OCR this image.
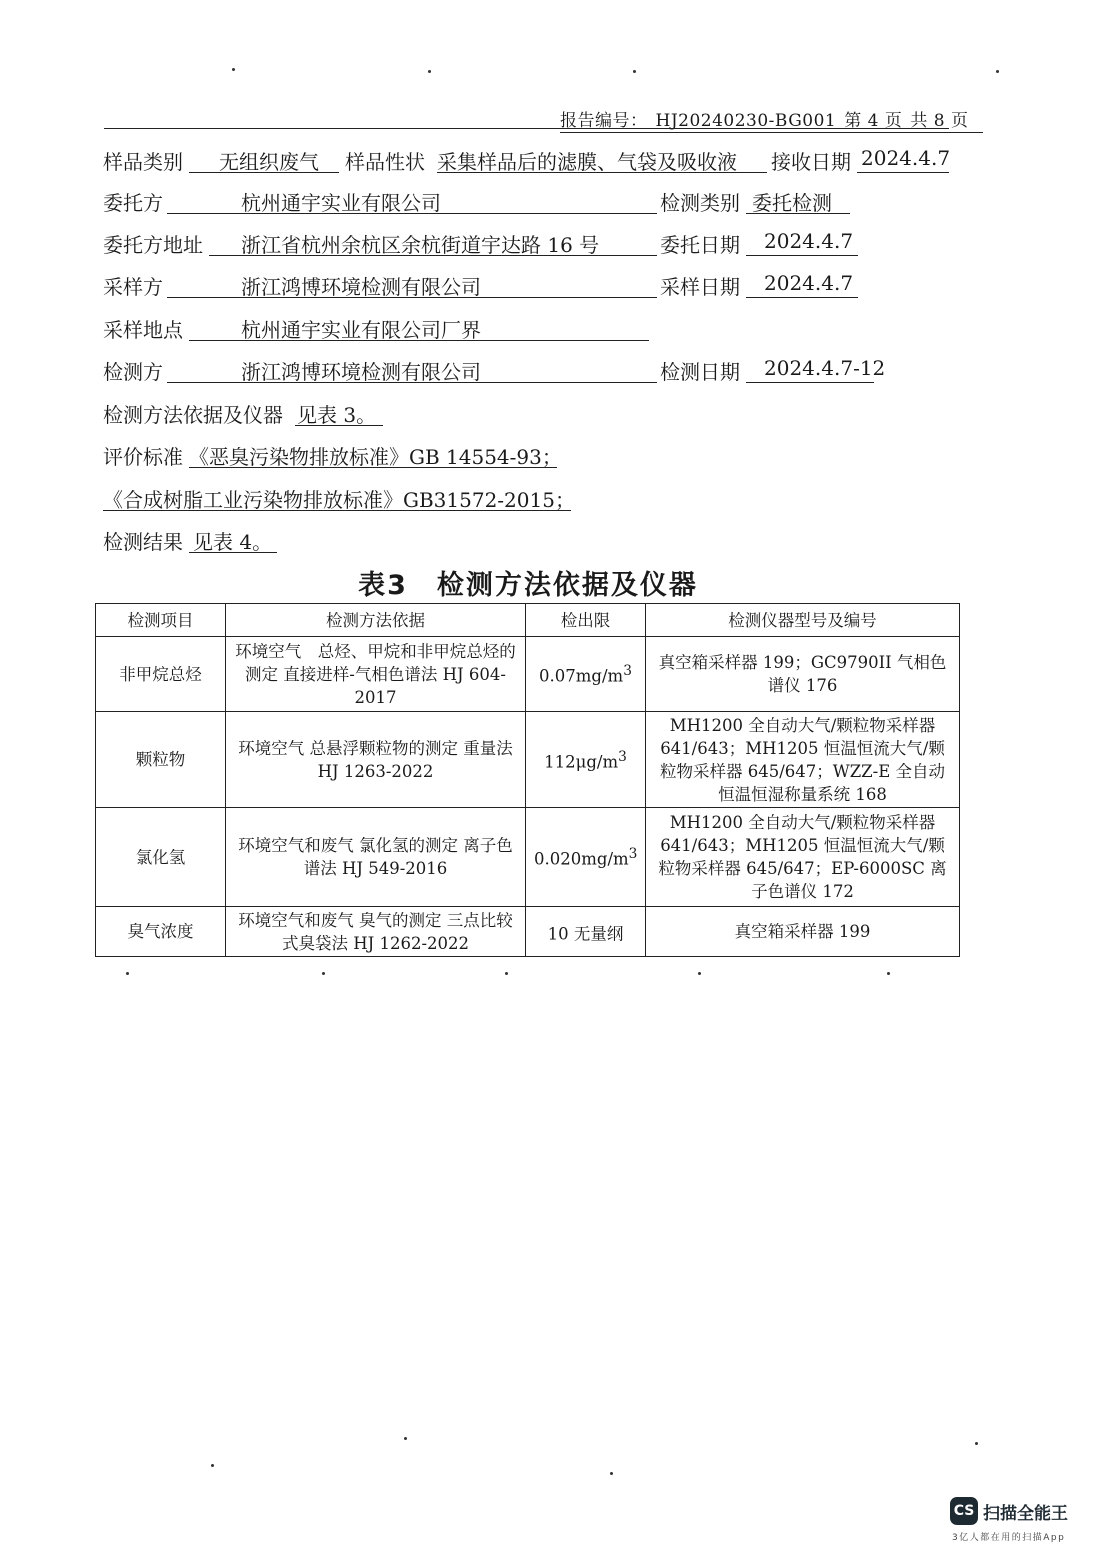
报告编号： HJ20240230-BG001 第 4 页 共 8 页
样品类别 无组织废气 样品性状 采集样品后的滤膜、气袋及吸收液 接收日期 2024.4.7
委托方	杭州通宇实业有限公司	检测类别 委托检测
委托方地址 浙江省杭州余杭区余杭街道宇达路 16 号	委托日期 2024.4.7
采样方	浙江鸿博环境检测有限公司	采样日期 2024.4.7
采样地点	杭州通宇实业有限公司厂界
检测方	浙江鸿博环境检测有限公司	检测日期 2024.4.7-12
检测方法依据及仪器 见表 3。
评价标准 《恶臭污染物排放标准》GB 14554-93；
《合成树脂工业污染物排放标准》GB31572-2015；
检测结果 见表 4。
表3　检测方法依据及仪器
检测项目	检测方法依据	检出限	检测仪器型号及编号
非甲烷总烃	环境空气　总烃、甲烷和非甲烷总烃的测定 直接进样-气相色谱法 HJ 604-2017	$0.07mg/m^3$	真空箱采样器 199；GC9790II 气相色谱仪 176
颗粒物	环境空气 总悬浮颗粒物的测定 重量法HJ 1263-2022	$112\mu g/m^3$	MH1200 全自动大气/颗粒物采样器 641/643；MH1205 恒温恒流大气/颗粒物采样器 645/647；WZZ-E 全自动恒温恒湿称量系统 168
氯化氢	环境空气和废气 氯化氢的测定 离子色谱法 HJ 549-2016	$0.020mg/m^3$	MH1200 全自动大气/颗粒物采样器 641/643；MH1205 恒温恒流大气/颗粒物采样器 645/647；EP-6000SC 离子色谱仪 172
臭气浓度	环境空气和废气 臭气的测定 三点比较式臭袋法 HJ 1262-2022	10 无量纲	真空箱采样器 199
CS 扫描全能王
3亿人都在用的扫描App
